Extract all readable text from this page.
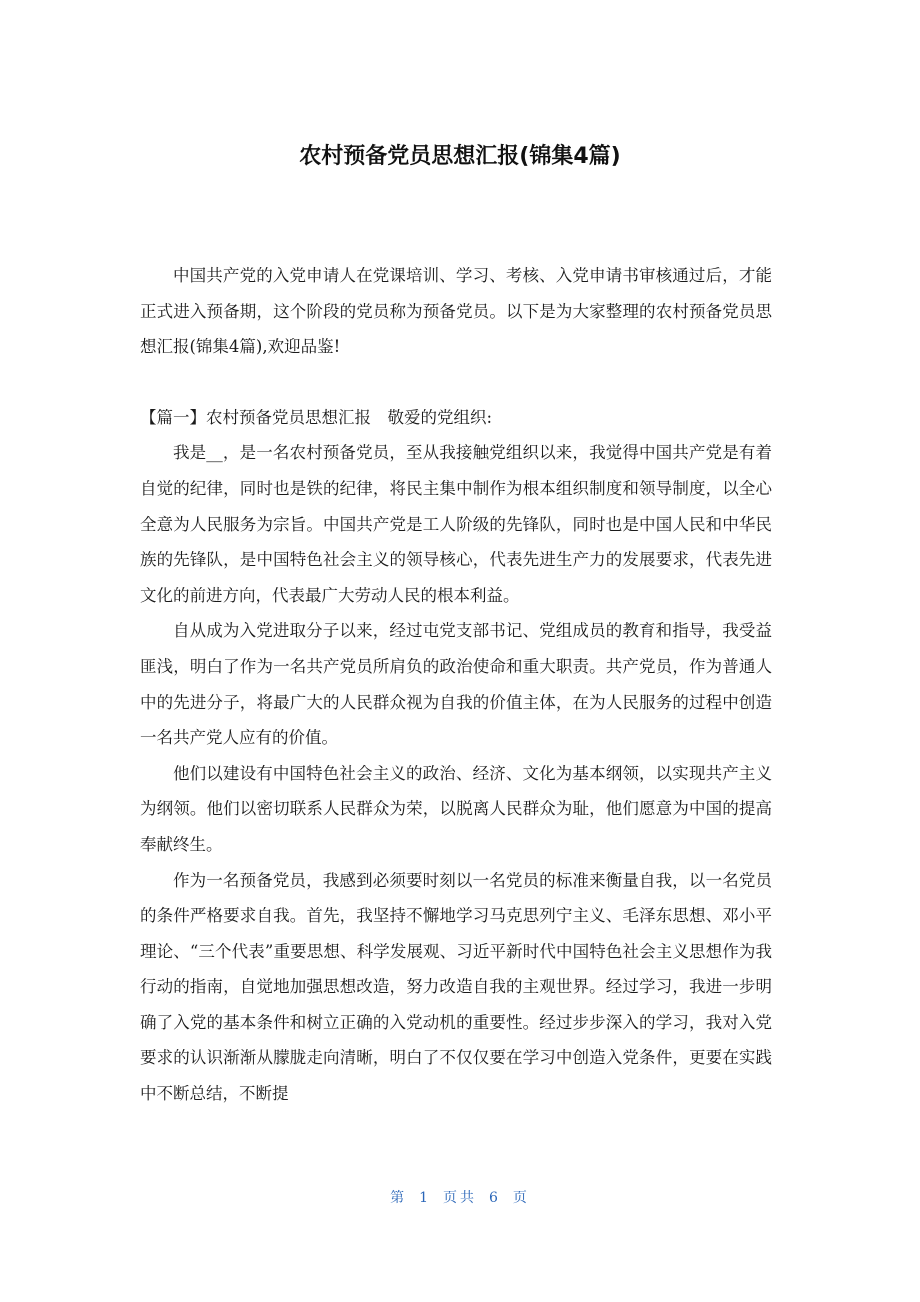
农村预备党员思想汇报(锦集4篇)

中国共产党的入党申请人在党课培训、学习、考核、入党申请书审核通过后，才能正式进入预备期，这个阶段的党员称为预备党员。以下是为大家整理的农村预备党员思想汇报(锦集4篇),欢迎品鉴!

【篇一】农村预备党员思想汇报　敬爱的党组织:

我是__，是一名农村预备党员，至从我接触党组织以来，我觉得中国共产党是有着自觉的纪律，同时也是铁的纪律，将民主集中制作为根本组织制度和领导制度，以全心全意为人民服务为宗旨。中国共产党是工人阶级的先锋队，同时也是中国人民和中华民族的先锋队，是中国特色社会主义的领导核心，代表先进生产力的发展要求，代表先进文化的前进方向，代表最广大劳动人民的根本利益。

自从成为入党进取分子以来，经过屯党支部书记、党组成员的教育和指导，我受益匪浅，明白了作为一名共产党员所肩负的政治使命和重大职责。共产党员，作为普通人中的先进分子，将最广大的人民群众视为自我的价值主体，在为人民服务的过程中创造一名共产党人应有的价值。

他们以建设有中国特色社会主义的政治、经济、文化为基本纲领，以实现共产主义为纲领。他们以密切联系人民群众为荣，以脱离人民群众为耻，他们愿意为中国的提高奉献终生。

作为一名预备党员，我感到必须要时刻以一名党员的标准来衡量自我，以一名党员的条件严格要求自我。首先，我坚持不懈地学习马克思列宁主义、毛泽东思想、邓小平理论、“三个代表”重要思想、科学发展观、习近平新时代中国特色社会主义思想作为我行动的指南，自觉地加强思想改造，努力改造自我的主观世界。经过学习，我进一步明确了入党的基本条件和树立正确的入党动机的重要性。经过步步深入的学习，我对入党要求的认识渐渐从朦胧走向清晰，明白了不仅仅要在学习中创造入党条件，更要在实践中不断总结，不断提

第 1 页共 6 页
